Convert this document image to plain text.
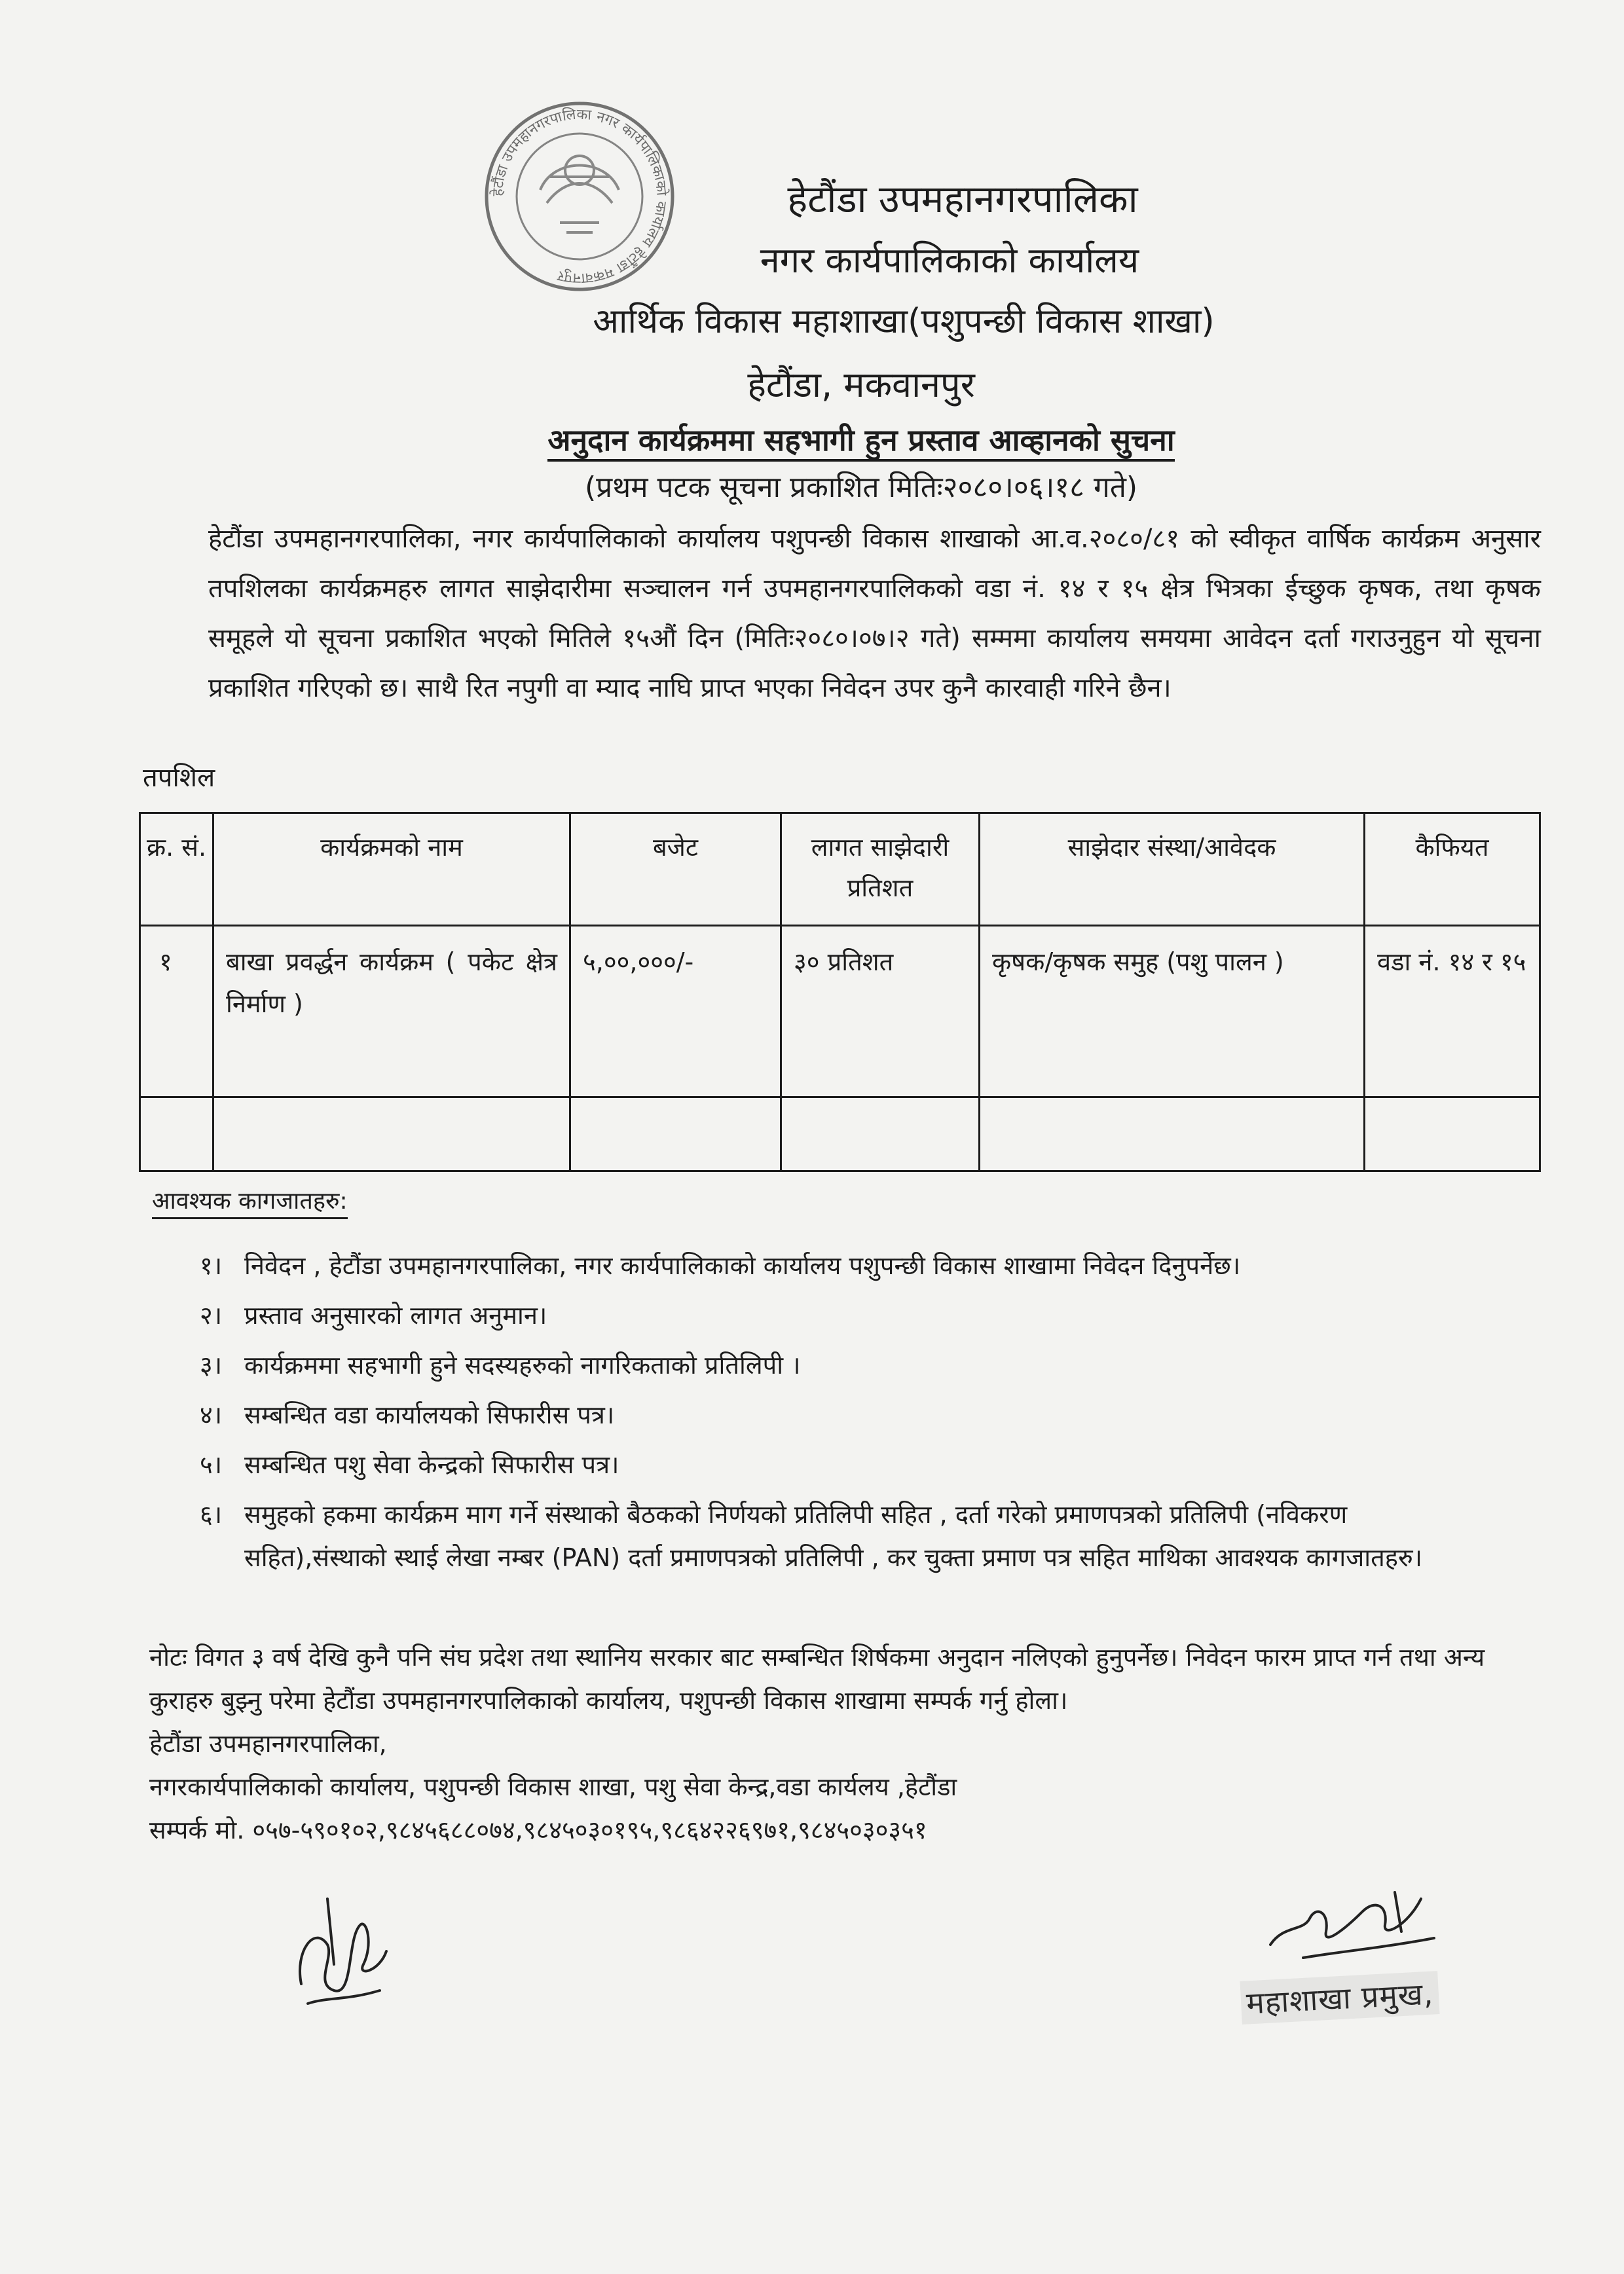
हेटौंडा उपमहानगरपालिका नगर कार्यपालिकाको कार्यालय हेटौंडा मकवानपुर
हेटौंडा उपमहानगरपालिका
नगर कार्यपालिकाको कार्यालय
आर्थिक विकास महाशाखा(पशुपन्छी विकास शाखा)
हेटौंडा, मकवानपुर
अनुदान कार्यक्रममा सहभागी हुन प्रस्ताव आव्हानको सुचना
(प्रथम पटक सूचना प्रकाशित मितिः२०८०।०६।१८ गते)

हेटौंडा उपमहानगरपालिका, नगर कार्यपालिकाको कार्यालय पशुपन्छी विकास शाखाको आ.व.२०८०/८१ को स्वीकृत वार्षिक कार्यक्रम अनुसार तपशिलका कार्यक्रमहरु लागत साझेदारीमा सञ्चालन गर्न उपमहानगरपालिकको वडा नं. १४ र १५ क्षेत्र भित्रका ईच्छुक कृषक, तथा कृषक समूहले यो सूचना प्रकाशित भएको मितिले १५औं दिन (मितिः२०८०।०७।२ गते) सम्ममा कार्यालय समयमा आवेदन दर्ता गराउनुहुन यो सूचना प्रकाशित गरिएको छ। साथै रित नपुगी वा म्याद नाघि प्राप्त भएका निवेदन उपर कुनै कारवाही गरिने छैन।

तपशिल
क्र. सं.	कार्यक्रमको नाम	बजेट	लागत साझेदारी प्रतिशत	साझेदार संस्था/आवेदक	कैफियत
१	बाखा प्रवर्द्धन कार्यक्रम ( पकेट क्षेत्र निर्माण )	५,००,०००/-	३० प्रतिशत	कृषक/कृषक समुह (पशु पालन )	वडा नं. १४ र १५

आवश्यक कागजातहरु:
१। निवेदन , हेटौंडा उपमहानगरपालिका, नगर कार्यपालिकाको कार्यालय पशुपन्छी विकास शाखामा निवेदन दिनुपर्नेछ।
२। प्रस्ताव अनुसारको लागत अनुमान।
३। कार्यक्रममा सहभागी हुने सदस्यहरुको नागरिकताको प्रतिलिपी ।
४। सम्बन्धित वडा कार्यालयको सिफारीस पत्र।
५। सम्बन्धित पशु सेवा केन्द्रको सिफारीस पत्र।
६। समुहको हकमा कार्यक्रम माग गर्ने संस्थाको बैठकको निर्णयको प्रतिलिपी सहित , दर्ता गरेको प्रमाणपत्रको प्रतिलिपी (नविकरण सहित),संस्थाको स्थाई लेखा नम्बर (PAN) दर्ता प्रमाणपत्रको प्रतिलिपी , कर चुक्ता प्रमाण पत्र सहित माथिका आवश्यक कागजातहरु।

नोटः विगत ३ वर्ष देखि कुनै पनि संघ प्रदेश तथा स्थानिय सरकार बाट सम्बन्धित शिर्षकमा अनुदान नलिएको हुनुपर्नेछ। निवेदन फारम प्राप्त गर्न तथा अन्य कुराहरु बुझ्नु परेमा हेटौंडा उपमहानगरपालिकाको कार्यालय, पशुपन्छी विकास शाखामा सम्पर्क गर्नु होला।

हेटौंडा उपमहानगरपालिका,

नगरकार्यपालिकाको कार्यालय, पशुपन्छी विकास शाखा, पशु सेवा केन्द्र,वडा कार्यलय ,हेटौंडा

सम्पर्क मो. ०५७-५९०१०२,९८४५६८८०७४,९८४५०३०१९५,९८६४२२६९७१,९८४५०३०३५१

महाशाखा प्रमुख,
